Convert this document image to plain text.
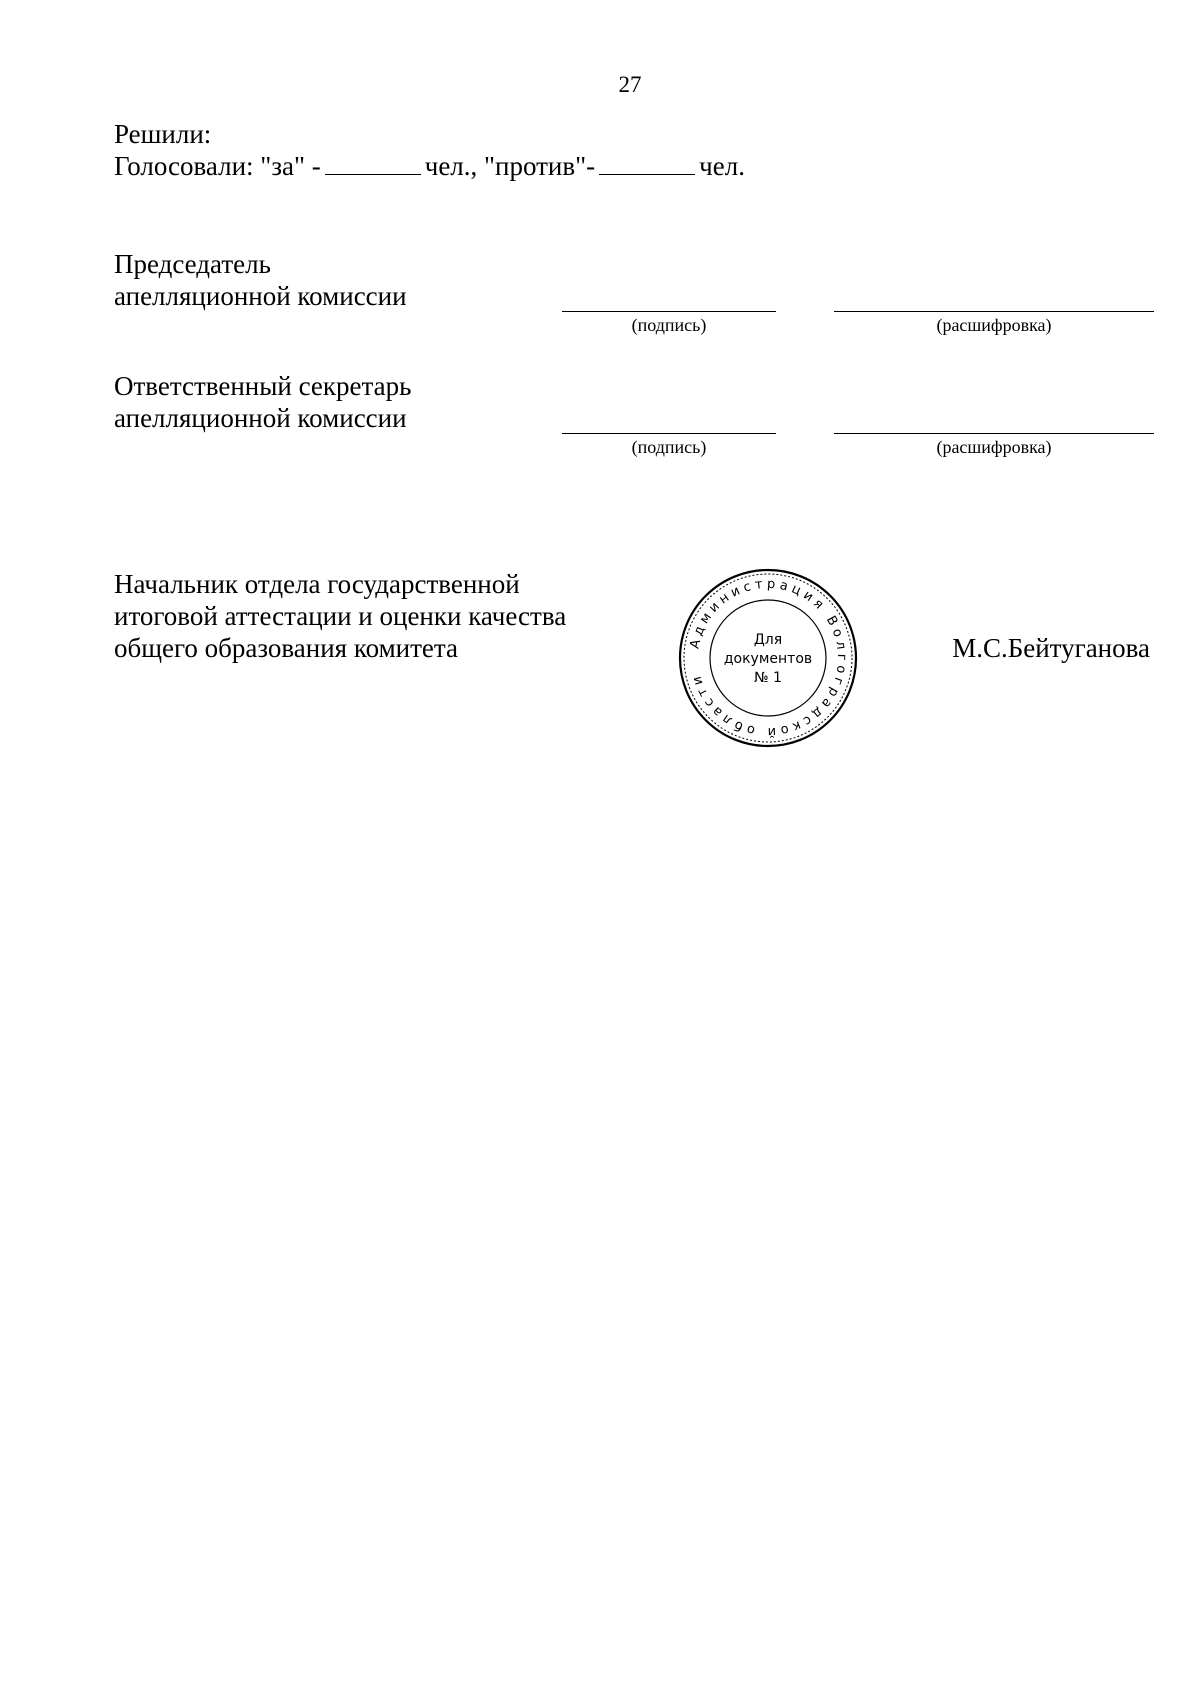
27
Решили:
Голосовали: "за" -	чел., "против"-	чел.
Председатель
апелляционной комиссии
(подпись)	(расшифровка)
Ответственный секретарь
апелляционной комиссии
(подпись)	(расшифровка)
Начальник отдела государственной
итоговой аттестации и оценки качества
общего образования комитета	М.С.Бейтуганова
Администрация Волгоградской области
Для
документов
№ 1
